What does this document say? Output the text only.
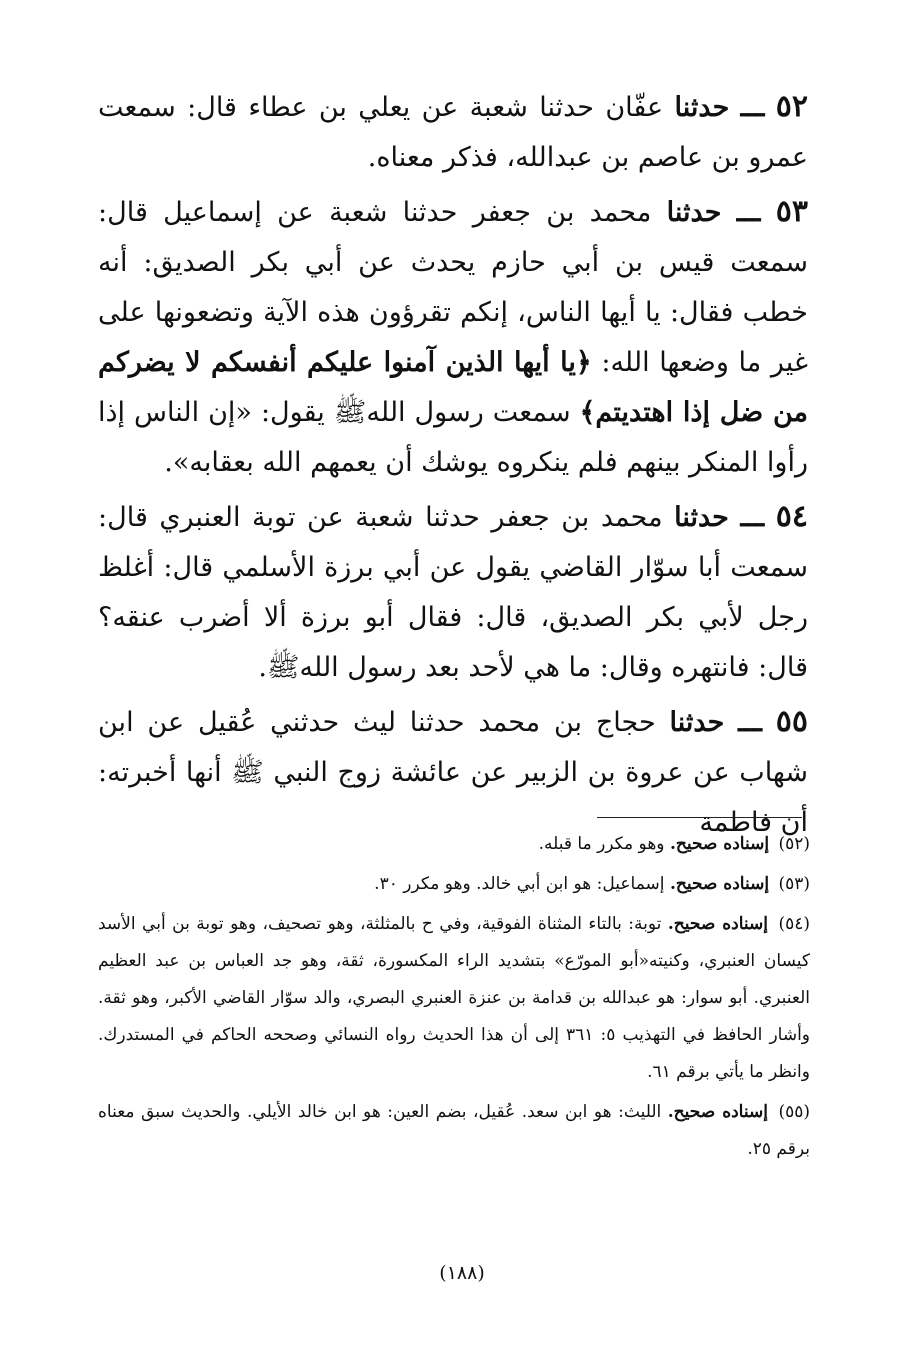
٥٢ ـــ حدثنا عفّان حدثنا شعبة عن يعلي بن عطاء قال: سمعت عمرو بن عاصم بن عبدالله، فذكر معناه.

٥٣ ـــ حدثنا محمد بن جعفر حدثنا شعبة عن إسماعيل قال: سمعت قيس بن أبي حازم يحدث عن أبي بكر الصديق: أنه خطب فقال: يا أيها الناس، إنكم تقرؤون هذه الآية وتضعونها على غير ما وضعها الله: ﴿يا أيها الذين آمنوا عليكم أنفسكم لا يضركم من ضل إذا اهتديتم﴾ سمعت رسول اللهﷺ يقول: «إن الناس إذا رأوا المنكر بينهم فلم ينكروه يوشك أن يعمهم الله بعقابه».

٥٤ ـــ حدثنا محمد بن جعفر حدثنا شعبة عن توبة العنبري قال: سمعت أبا سوّار القاضي يقول عن أبي برزة الأسلمي قال: أغلظ رجل لأبي بكر الصديق، قال: فقال أبو برزة ألا أضرب عنقه؟ قال: فانتهره وقال: ما هي لأحد بعد رسول اللهﷺ.

٥٥ ـــ حدثنا حجاج بن محمد حدثنا ليث حدثني عُقيل عن ابن شهاب عن عروة بن الزبير عن عائشة زوج النبي ﷺ أنها أخبرته: أن فاطمة

(٥٢) إسناده صحيح. وهو مكرر ما قبله.

(٥٣) إسناده صحيح. إسماعيل: هو ابن أبي خالد. وهو مكرر ٣٠.

(٥٤) إسناده صحيح. توبة: بالتاء المثناة الفوقية، وفي ح بالمثلثة، وهو تصحيف، وهو توبة بن أبي الأسد كيسان العنبري، وكنيته«أبو المورّع» بتشديد الراء المكسورة، ثقة، وهو جد العباس بن عبد العظيم العنبري. أبو سوار: هو عبدالله بن قدامة بن عنزة العنبري البصري، والد سوّار القاضي الأكبر، وهو ثقة. وأشار الحافظ في التهذيب ٥: ٣٦١ إلى أن هذا الحديث رواه النسائي وصححه الحاكم في المستدرك. وانظر ما يأتي برقم ٦١.

(٥٥) إسناده صحيح. الليث: هو ابن سعد. عُقيل، بضم العين: هو ابن خالد الأيلي. والحديث سبق معناه برقم ٢٥.

(١٨٨)
